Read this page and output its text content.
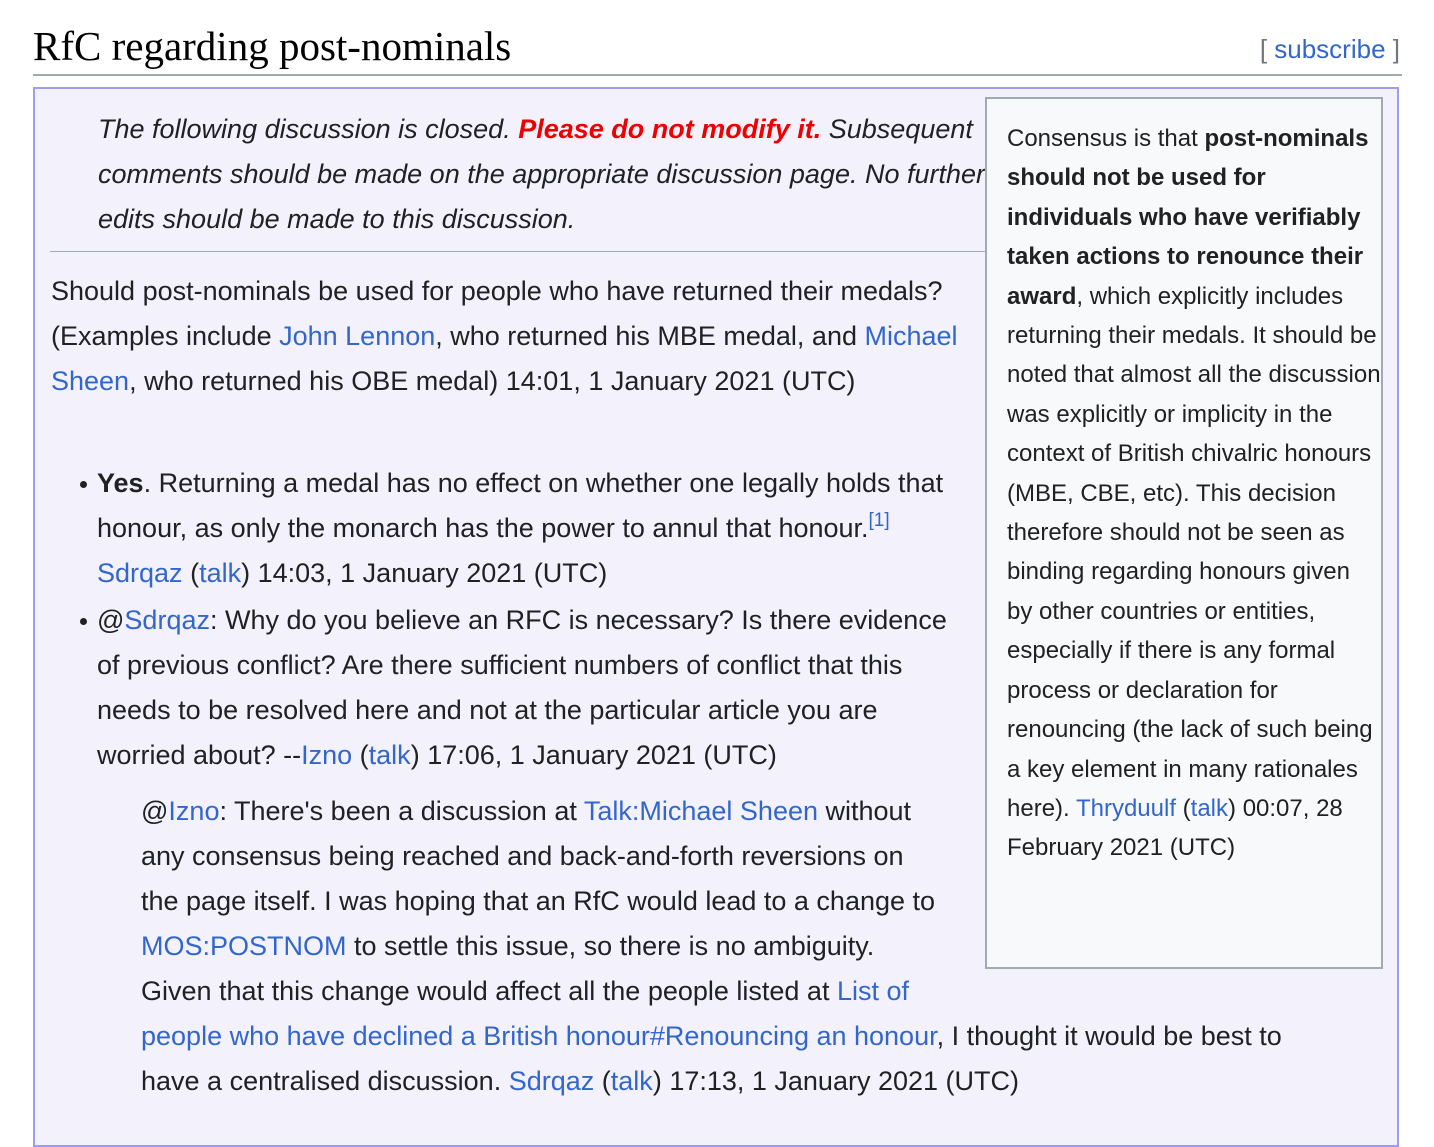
RfC regarding post-nominals	[ subscribe ]
The following discussion is closed. Please do not modify it. Subsequent comments should be made on the appropriate discussion page. No further edits should be made to this discussion.
Consensus is that post-nominals should not be used for individuals who have verifiably taken actions to renounce their award, which explicitly includes returning their medals. It should be noted that almost all the discussion was explicitly or implicity in the context of British chivalric honours (MBE, CBE, etc). This decision therefore should not be seen as binding regarding honours given by other countries or entities, especially if there is any formal process or declaration for renouncing (the lack of such being a key element in many rationales here). Thryduulf (talk) 00:07, 28 February 2021 (UTC)
Should post-nominals be used for people who have returned their medals? (Examples include John Lennon, who returned his MBE medal, and Michael Sheen, who returned his OBE medal) 14:01, 1 January 2021 (UTC)
Yes. Returning a medal has no effect on whether one legally holds that honour, as only the monarch has the power to annul that honour.[1] Sdrqaz (talk) 14:03, 1 January 2021 (UTC)
@Sdrqaz: Why do you believe an RFC is necessary? Is there evidence of previous conflict? Are there sufficient numbers of conflict that this needs to be resolved here and not at the particular article you are worried about? --Izno (talk) 17:06, 1 January 2021 (UTC)
@Izno: There's been a discussion at Talk:Michael Sheen without any consensus being reached and back-and-forth reversions on the page itself. I was hoping that an RfC would lead to a change to MOS:POSTNOM to settle this issue, so there is no ambiguity. Given that this change would affect all the people listed at List of
people who have declined a British honour#Renouncing an honour, I thought it would be best to have a centralised discussion. Sdrqaz (talk) 17:13, 1 January 2021 (UTC)
